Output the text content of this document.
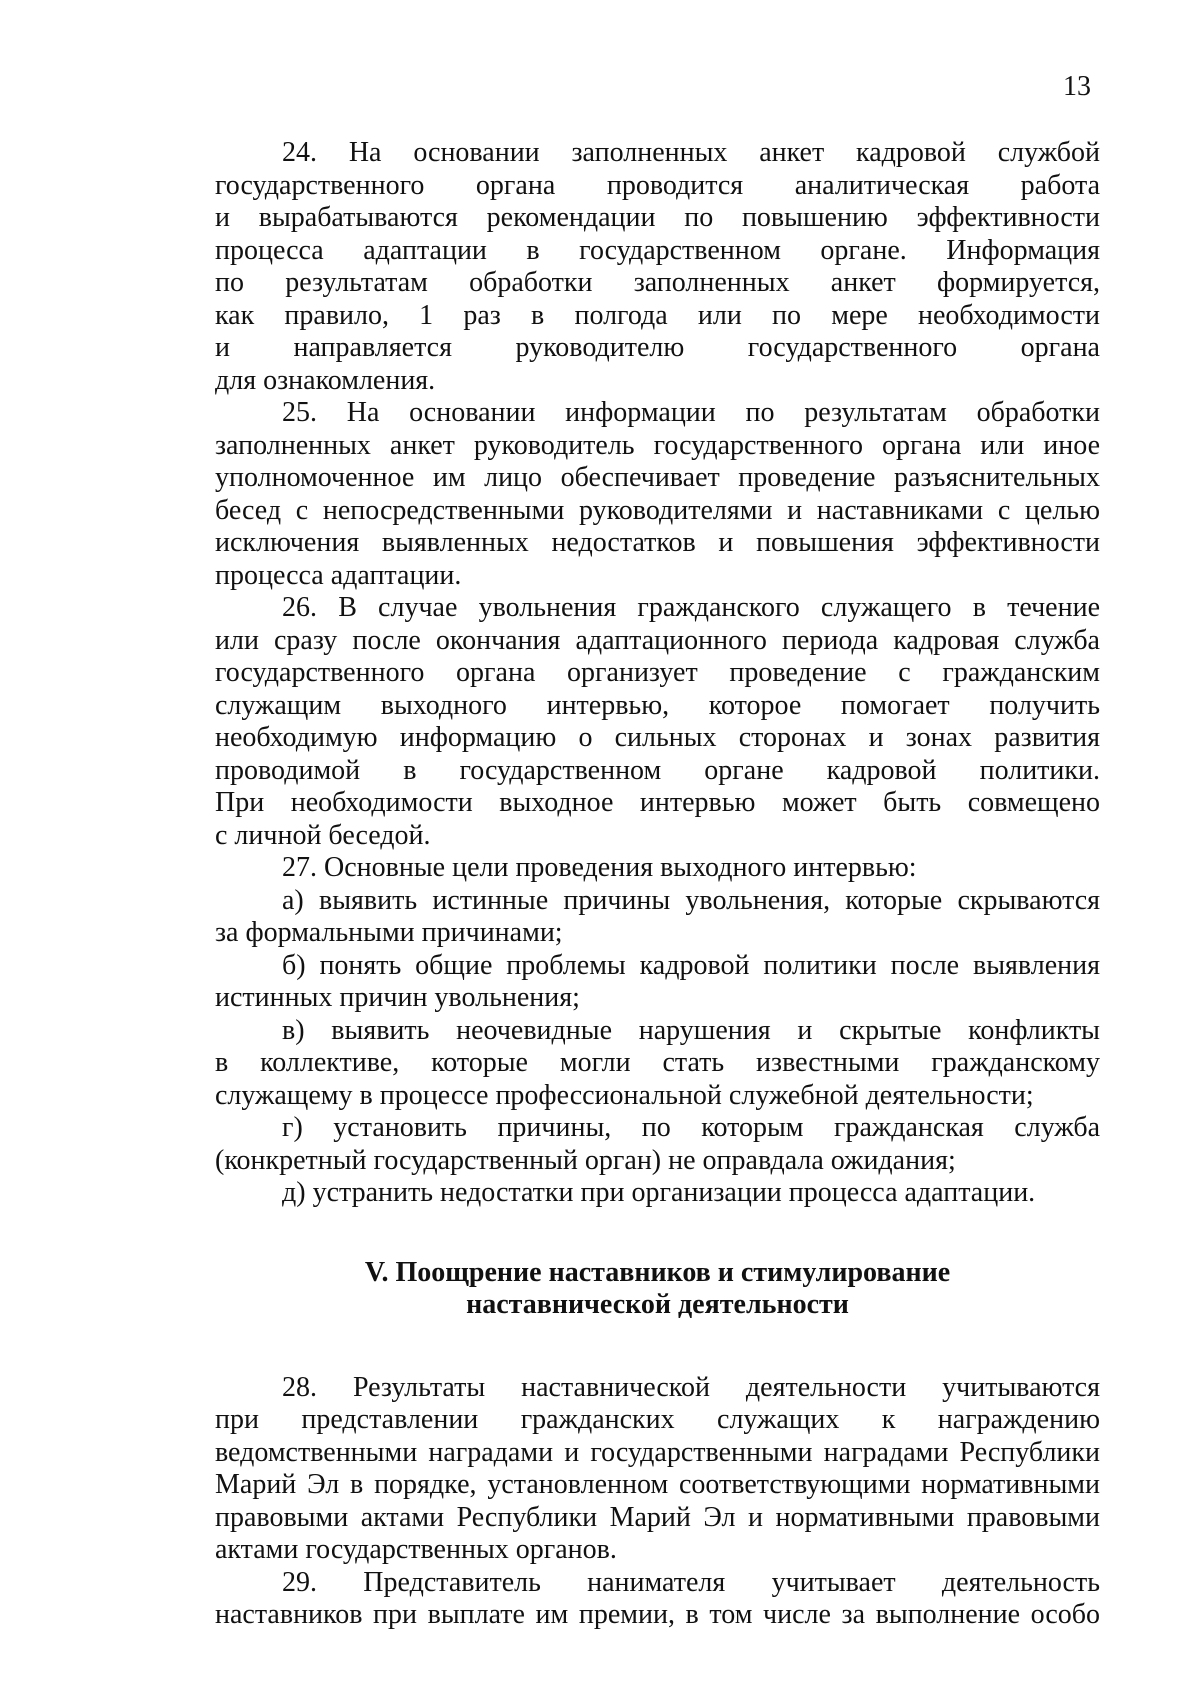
13

24. На основании заполненных анкет кадровой службой
государственного органа проводится аналитическая работа
и вырабатываются рекомендации по повышению эффективности
процесса адаптации в государственном органе. Информация
по результатам обработки заполненных анкет формируется,
как правило, 1 раз в полгода или по мере необходимости
и направляется руководителю государственного органа
для ознакомления.

25. На основании информации по результатам обработки
заполненных анкет руководитель государственного органа или иное
уполномоченное им лицо обеспечивает проведение разъяснительных
бесед с непосредственными руководителями и наставниками с целью
исключения выявленных недостатков и повышения эффективности
процесса адаптации.

26. В случае увольнения гражданского служащего в течение
или сразу после окончания адаптационного периода кадровая служба
государственного органа организует проведение с гражданским
служащим выходного интервью, которое помогает получить
необходимую информацию о сильных сторонах и зонах развития
проводимой в государственном органе кадровой политики.
При необходимости выходное интервью может быть совмещено
с личной беседой.

27. Основные цели проведения выходного интервью:

а) выявить истинные причины увольнения, которые скрываются
за формальными причинами;

б) понять общие проблемы кадровой политики после выявления
истинных причин увольнения;

в) выявить неочевидные нарушения и скрытые конфликты
в коллективе, которые могли стать известными гражданскому
служащему в процессе профессиональной служебной деятельности;

г) установить причины, по которым гражданская служба
(конкретный государственный орган) не оправдала ожидания;

д) устранить недостатки при организации процесса адаптации.

V. Поощрение наставников и стимулирование
наставнической деятельности

28. Результаты наставнической деятельности учитываются
при представлении гражданских служащих к награждению
ведомственными наградами и государственными наградами Республики
Марий Эл в порядке, установленном соответствующими нормативными
правовыми актами Республики Марий Эл и нормативными правовыми
актами государственных органов.

29. Представитель нанимателя учитывает деятельность
наставников при выплате им премии, в том числе за выполнение особо
